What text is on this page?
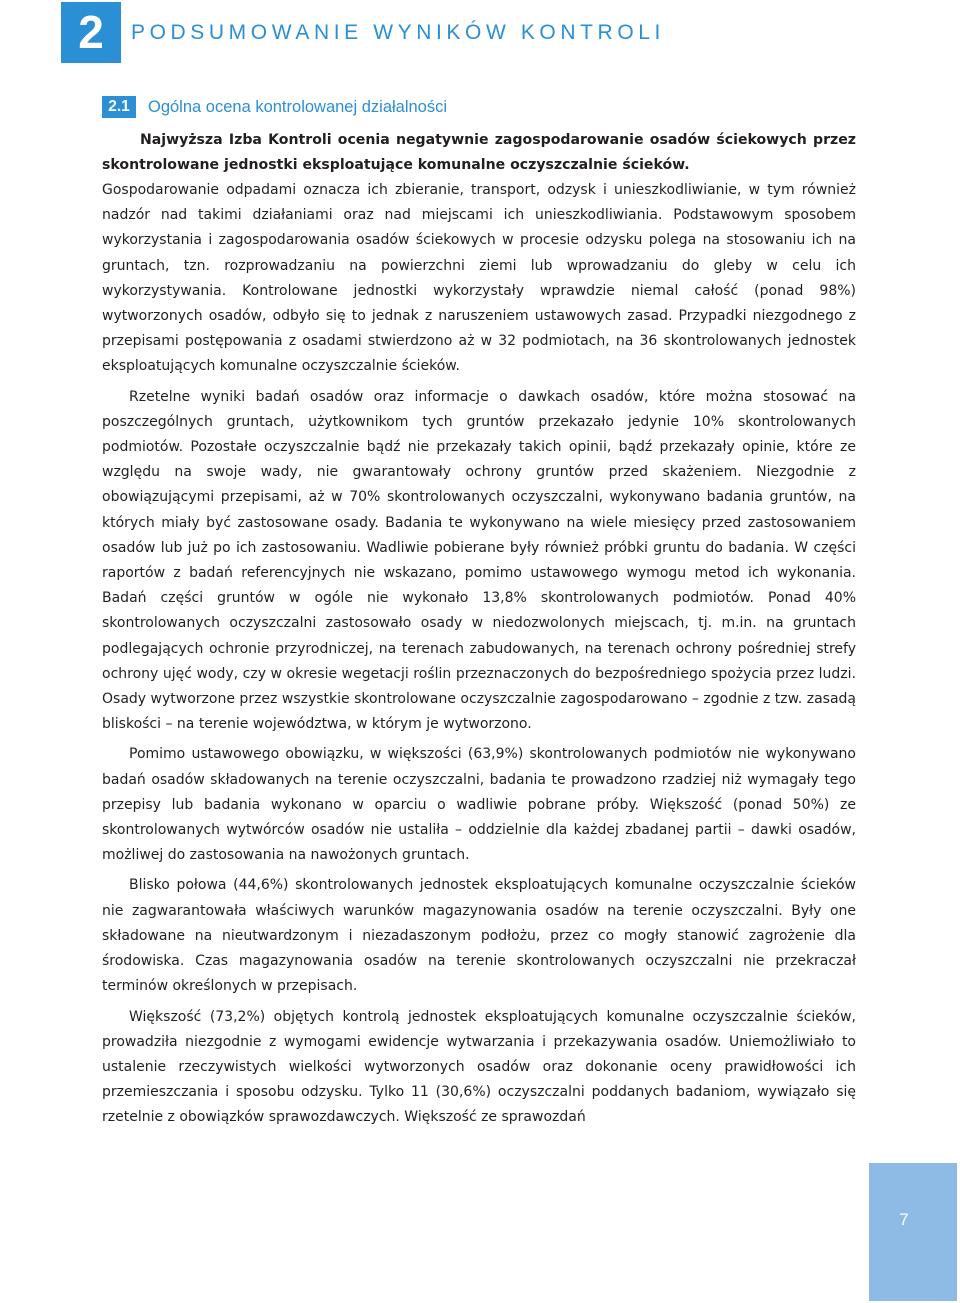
2	PODSUMOWANIE WYNIKÓW KONTROLI
2.1	Ogólna ocena kontrolowanej działalności

Najwyższa Izba Kontroli ocenia negatywnie zagospodarowanie osadów ściekowych przez skontrolowane jednostki eksploatujące komunalne oczyszczalnie ścieków.

Gospodarowanie odpadami oznacza ich zbieranie, transport, odzysk i unieszkodliwianie, w tym również nadzór nad takimi działaniami oraz nad miejscami ich unieszkodliwiania. Podstawowym sposobem wykorzystania i zagospodarowania osadów ściekowych w procesie odzysku polega na stosowaniu ich na gruntach, tzn. rozprowadzaniu na powierzchni ziemi lub wprowadzaniu do gleby w celu ich wykorzystywania. Kontrolowane jednostki wykorzystały wprawdzie niemal całość (ponad 98%) wytworzonych osadów, odbyło się to jednak z naruszeniem ustawowych zasad. Przypadki niezgodnego z przepisami postępowania z osadami stwierdzono aż w 32 podmiotach, na 36 skontrolowanych jednostek eksploatujących komunalne oczyszczalnie ścieków.

Rzetelne wyniki badań osadów oraz informacje o dawkach osadów, które można stosować na poszczególnych gruntach, użytkownikom tych gruntów przekazało jedynie 10% skontrolowanych podmiotów. Pozostałe oczyszczalnie bądź nie przekazały takich opinii, bądź przekazały opinie, które ze względu na swoje wady, nie gwarantowały ochrony gruntów przed skażeniem. Niezgodnie z obowiązującymi przepisami, aż w 70% skontrolowanych oczyszczalni, wykonywano badania gruntów, na których miały być zastosowane osady. Badania te wykonywano na wiele miesięcy przed zastosowaniem osadów lub już po ich zastosowaniu. Wadliwie pobierane były również próbki gruntu do badania. W części raportów z badań referencyjnych nie wskazano, pomimo ustawowego wymogu metod ich wykonania. Badań części gruntów w ogóle nie wykonało 13,8% skontrolowanych podmiotów. Ponad 40% skontrolowanych oczyszczalni zastosowało osady w niedozwolonych miejscach, tj. m.in. na gruntach podlegających ochronie przyrodniczej, na terenach zabudowanych, na terenach ochrony pośredniej strefy ochrony ujęć wody, czy w okresie wegetacji roślin przeznaczonych do bezpośredniego spożycia przez ludzi. Osady wytworzone przez wszystkie skontrolowane oczyszczalnie zagospodarowano – zgodnie z tzw. zasadą bliskości – na terenie województwa, w którym je wytworzono.

Pomimo ustawowego obowiązku, w większości (63,9%) skontrolowanych podmiotów nie wykonywano badań osadów składowanych na terenie oczyszczalni, badania te prowadzono rzadziej niż wymagały tego przepisy lub badania wykonano w oparciu o wadliwie pobrane próby. Większość (ponad 50%) ze skontrolowanych wytwórców osadów nie ustaliła – oddzielnie dla każdej zbadanej partii – dawki osadów, możliwej do zastosowania na nawożonych gruntach.

Blisko połowa (44,6%) skontrolowanych jednostek eksploatujących komunalne oczyszczalnie ścieków nie zagwarantowała właściwych warunków magazynowania osadów na terenie oczyszczalni. Były one składowane na nieutwardzonym i niezadaszonym podłożu, przez co mogły stanowić zagrożenie dla środowiska. Czas magazynowania osadów na terenie skontrolowanych oczyszczalni nie przekraczał terminów określonych w przepisach.

Większość (73,2%) objętych kontrolą jednostek eksploatujących komunalne oczyszczalnie ścieków, prowadziła niezgodnie z wymogami ewidencje wytwarzania i przekazywania osadów. Uniemożliwiało to ustalenie rzeczywistych wielkości wytworzonych osadów oraz dokonanie oceny prawidłowości ich przemieszczania i sposobu odzysku. Tylko 11 (30,6%) oczyszczalni poddanych badaniom, wywiązało się rzetelnie z obowiązków sprawozdawczych. Większość ze sprawozdań

7
